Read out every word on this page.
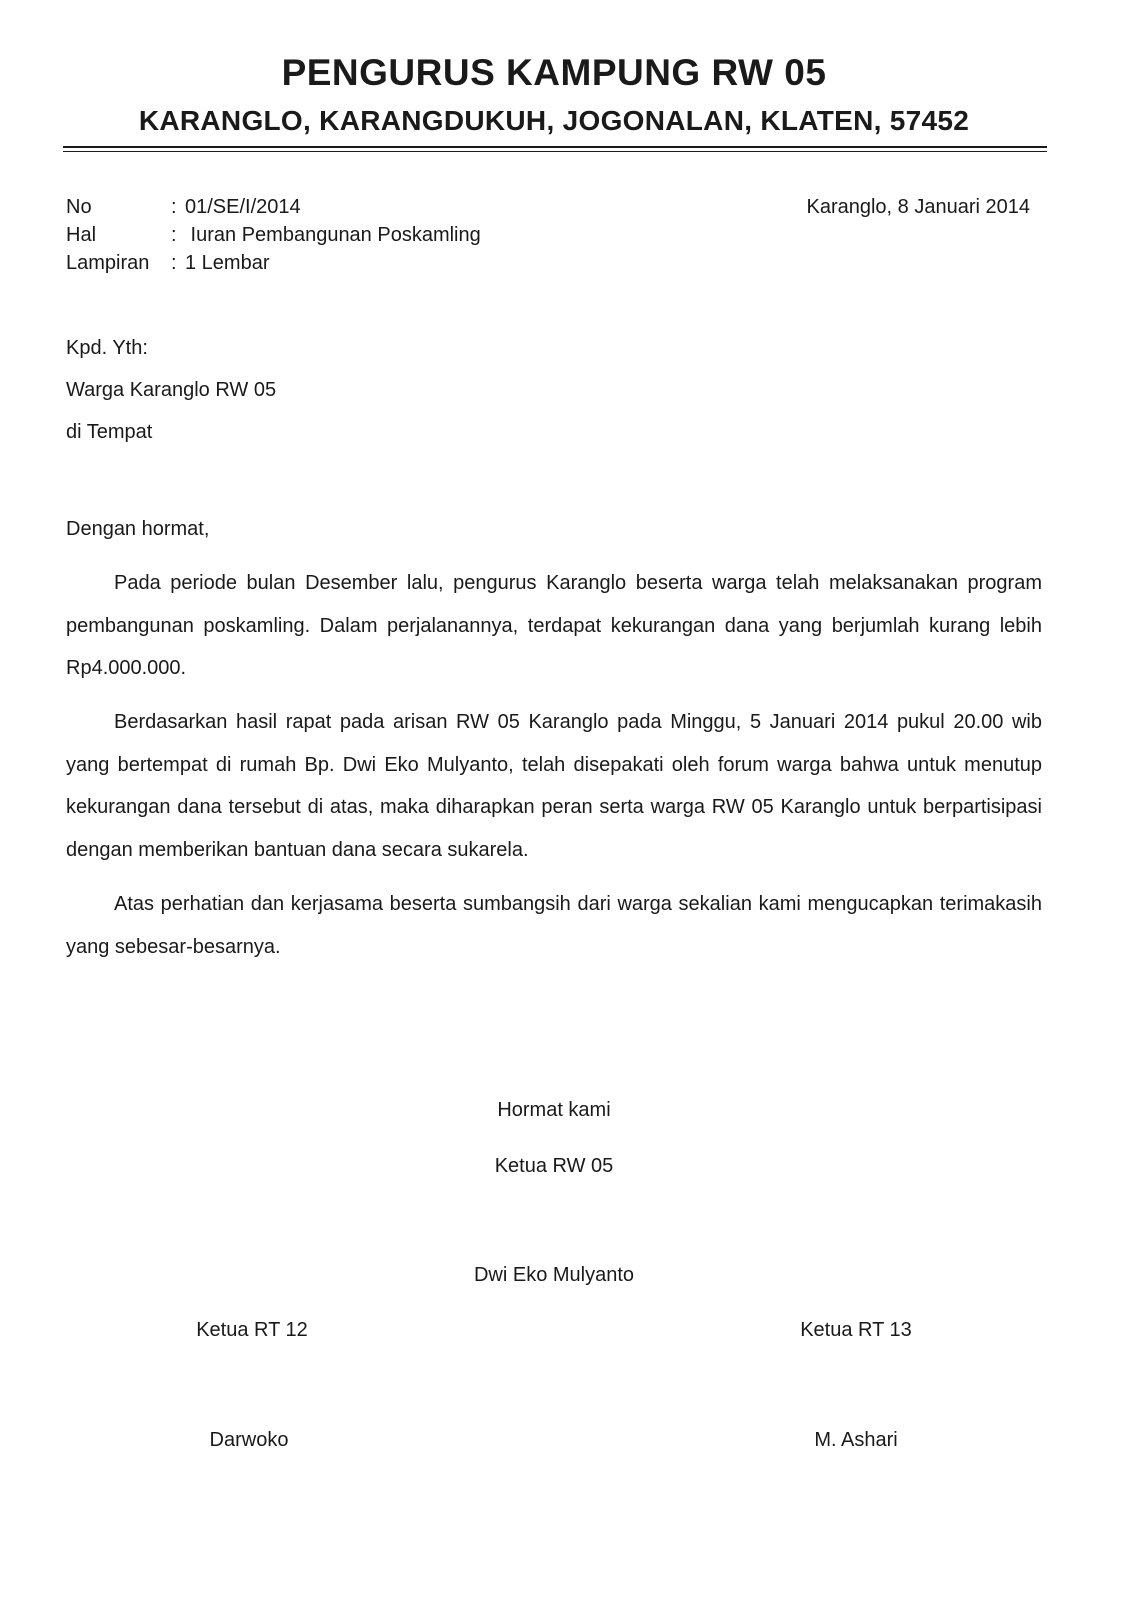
PENGURUS KAMPUNG RW 05
KARANGLO, KARANGDUKUH, JOGONALAN, KLATEN, 57452
No	: 01/SE/I/2014
Hal	: Iuran Pembangunan Poskamling
Lampiran : 1 Lembar
Karanglo, 8 Januari 2014
Kpd. Yth:
Warga Karanglo RW 05
di Tempat
Dengan hormat,

Pada periode bulan Desember lalu, pengurus Karanglo beserta warga telah melaksanakan program pembangunan poskamling. Dalam perjalanannya, terdapat kekurangan dana yang berjumlah kurang lebih Rp4.000.000.

Berdasarkan hasil rapat pada arisan RW 05 Karanglo pada Minggu, 5 Januari 2014 pukul 20.00 wib yang bertempat di rumah Bp. Dwi Eko Mulyanto, telah disepakati oleh forum warga bahwa untuk menutup kekurangan dana tersebut di atas, maka diharapkan peran serta warga RW 05 Karanglo untuk berpartisipasi dengan memberikan bantuan dana secara sukarela.

Atas perhatian dan kerjasama beserta sumbangsih dari warga sekalian kami mengucapkan terimakasih yang sebesar-besarnya.

Hormat kami
Ketua RW 05
Dwi Eko Mulyanto
Ketua RT 12
Darwoko
Ketua RT 13
M. Ashari
